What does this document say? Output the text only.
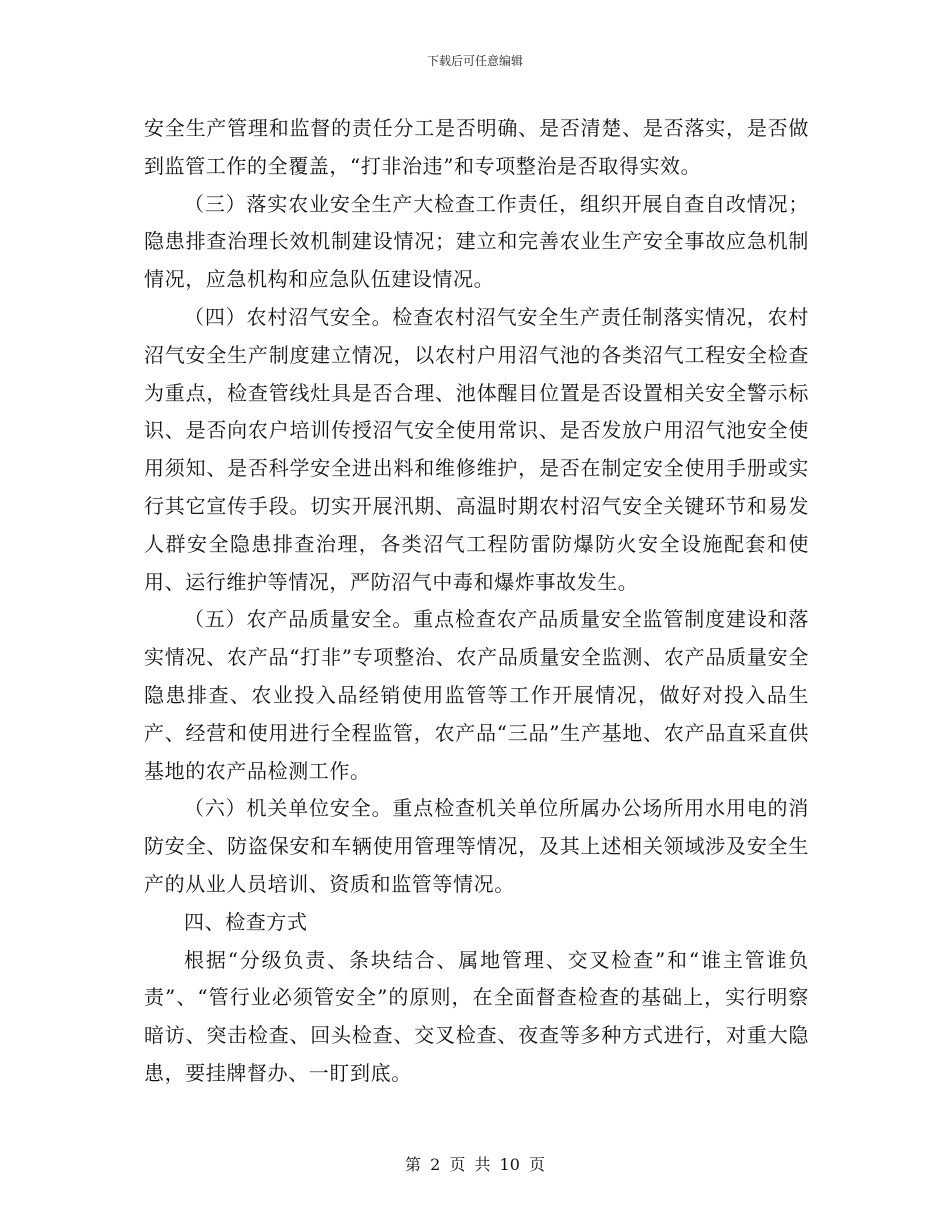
下载后可任意编辑

安全生产管理和监督的责任分工是否明确、是否清楚、是否落实，是否做到监管工作的全覆盖，“打非治违”和专项整治是否取得实效。

（三）落实农业安全生产大检查工作责任，组织开展自查自改情况；隐患排查治理长效机制建设情况；建立和完善农业生产安全事故应急机制情况，应急机构和应急队伍建设情况。

（四）农村沼气安全。检查农村沼气安全生产责任制落实情况，农村沼气安全生产制度建立情况，以农村户用沼气池的各类沼气工程安全检查为重点，检查管线灶具是否合理、池体醒目位置是否设置相关安全警示标识、是否向农户培训传授沼气安全使用常识、是否发放户用沼气池安全使用须知、是否科学安全进出料和维修维护，是否在制定安全使用手册或实行其它宣传手段。切实开展汛期、高温时期农村沼气安全关键环节和易发人群安全隐患排查治理，各类沼气工程防雷防爆防火安全设施配套和使用、运行维护等情况，严防沼气中毒和爆炸事故发生。

（五）农产品质量安全。重点检查农产品质量安全监管制度建设和落实情况、农产品“打非”专项整治、农产品质量安全监测、农产品质量安全隐患排查、农业投入品经销使用监管等工作开展情况，做好对投入品生产、经营和使用进行全程监管，农产品“三品”生产基地、农产品直采直供基地的农产品检测工作。

（六）机关单位安全。重点检查机关单位所属办公场所用水用电的消防安全、防盗保安和车辆使用管理等情况，及其上述相关领域涉及安全生产的从业人员培训、资质和监管等情况。

四、检查方式

根据“分级负责、条块结合、属地管理、交叉检查”和“谁主管谁负责”、“管行业必须管安全”的原则，在全面督查检查的基础上，实行明察暗访、突击检查、回头检查、交叉检查、夜查等多种方式进行，对重大隐患，要挂牌督办、一盯到底。

第 2 页 共 10 页
